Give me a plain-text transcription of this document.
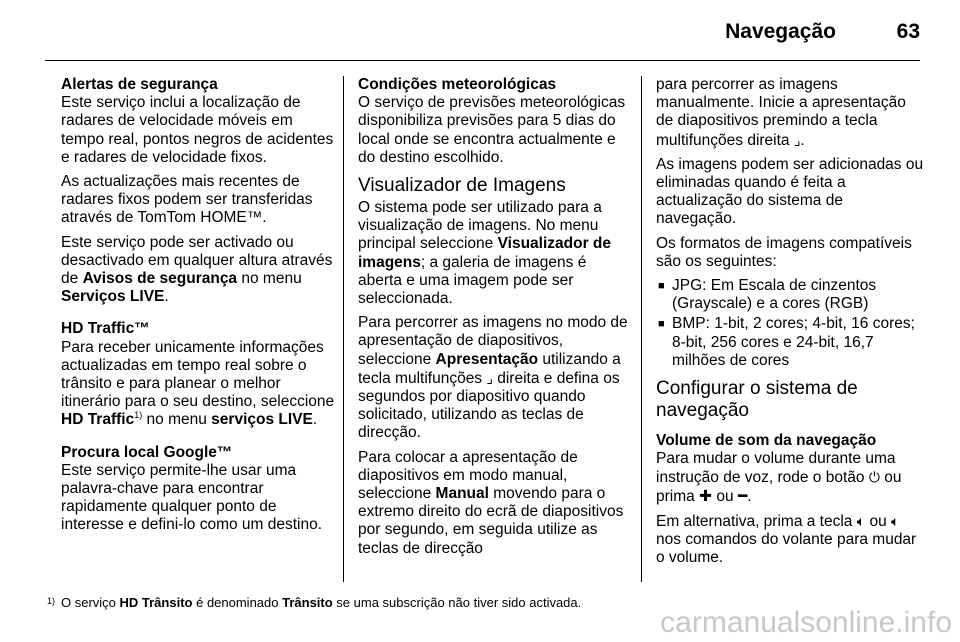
Navegação	63
Alertas de segurança

Este serviço inclui a localização de radares de velocidade móveis em tempo real, pontos negros de acidentes e radares de velocidade fixos.

As actualizações mais recentes de radares fixos podem ser transferidas através de TomTom HOME™.

Este serviço pode ser activado ou desactivado em qualquer altura através de Avisos de segurança no menu Serviços LIVE.

HD Traffic™

Para receber unicamente informações actualizadas em tempo real sobre o trânsito e para planear o melhor itinerário para o seu destino, seleccione HD Traffic$^{1)}$ no menu serviços LIVE.

Procura local Google™

Este serviço permite-lhe usar uma palavra-chave para encontrar rapidamente qualquer ponto de interesse e defini-lo como um destino.

Condições meteorológicas

O serviço de previsões meteorológicas disponibiliza previsões para 5 dias do local onde se encontra actualmente e do destino escolhido.

Visualizador de Imagens

O sistema pode ser utilizado para a visualização de imagens. No menu principal seleccione Visualizador de imagens; a galeria de imagens é aberta e uma imagem pode ser seleccionada.

Para percorrer as imagens no modo de apresentação de diapositivos, seleccione Apresentação utilizando a tecla multifunções ⌟ direita e defina os segundos por diapositivo quando solicitado, utilizando as teclas de direcção.

Para colocar a apresentação de diapositivos em modo manual, seleccione Manual movendo para o extremo direito do ecrã de diapositivos por segundo, em seguida utilize as teclas de direcção

para percorrer as imagens manualmente. Inicie a apresentação de diapositivos premindo a tecla multifunções direita ⌟.

As imagens podem ser adicionadas ou eliminadas quando é feita a actualização do sistema de navegação.

Os formatos de imagens compatíveis são os seguintes:

■ JPG: Em Escala de cinzentos (Grayscale) e a cores (RGB)
■ BMP: 1-bit, 2 cores; 4-bit, 16 cores; 8-bit, 256 cores e 24-bit, 16,7 milhões de cores
Configurar o sistema de navegação
Volume de som da navegação

Para mudar o volume durante uma instrução de voz, rode o botão ⏻ ou prima ✚ ou ━.

Em alternativa, prima a tecla 🔈︎ ou 🔈︎ nos comandos do volante para mudar o volume.

1) O serviço HD Trânsito é denominado Trânsito se uma subscrição não tiver sido activada.
carmanualsonline.info
